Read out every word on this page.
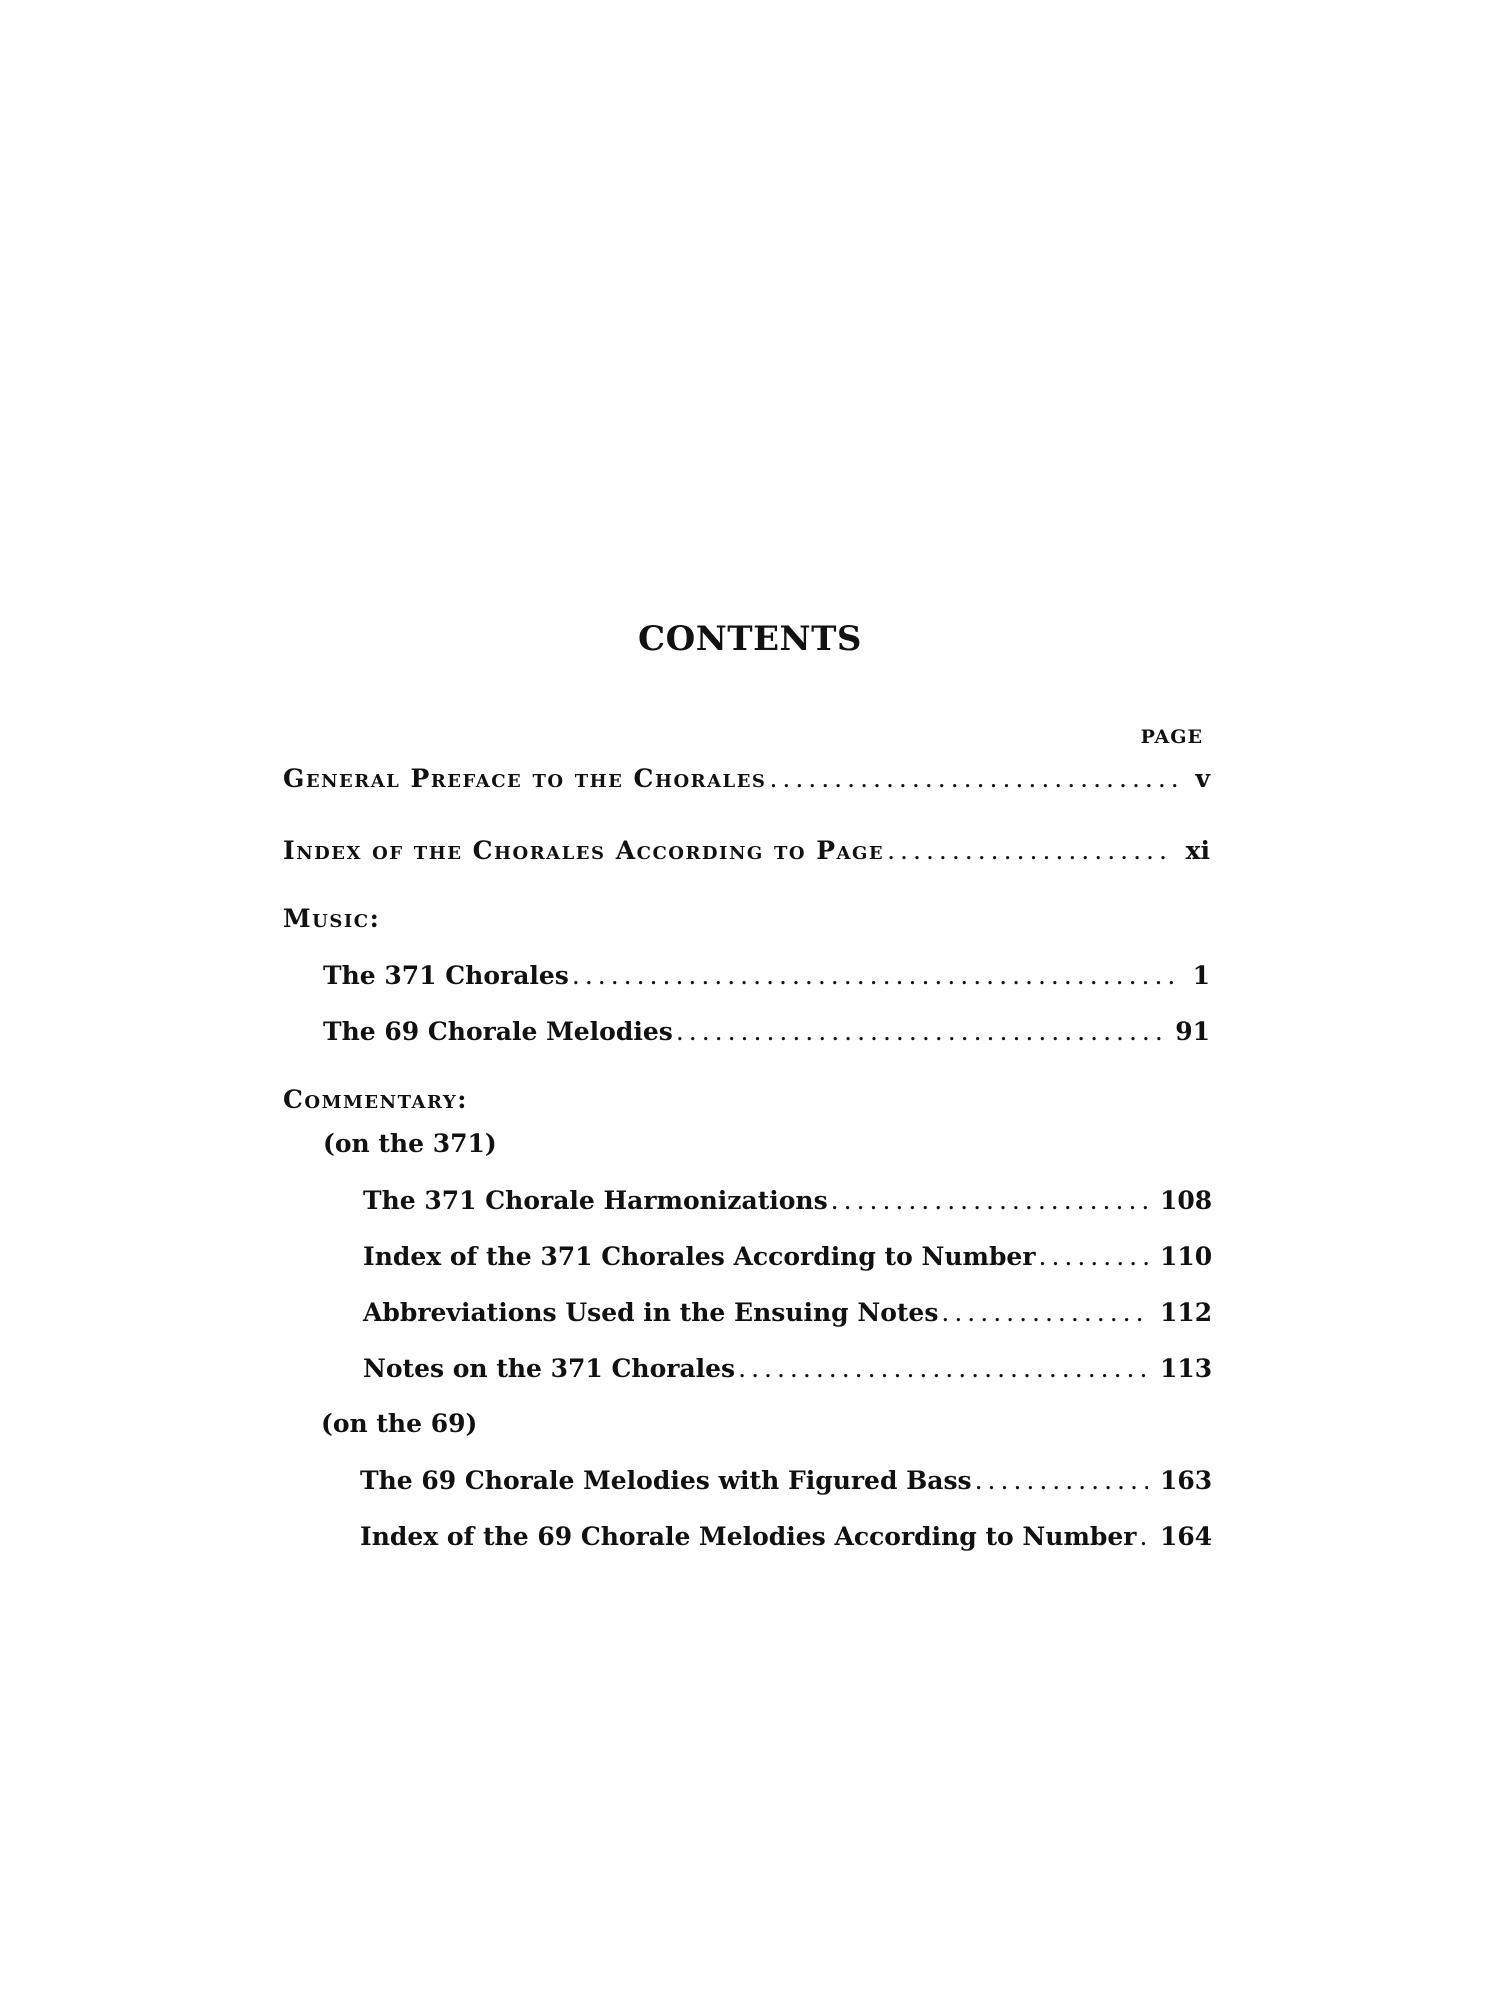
CONTENTS
PAGE
General Preface to the Chorales .....	v
Index of the Chorales According to Page .....	xi
Music:
The 371 Chorales .....	1
The 69 Chorale Melodies .....	91
Commentary:
(on the 371)
The 371 Chorale Harmonizations .....	108
Index of the 371 Chorales According to Number .....	110
Abbreviations Used in the Ensuing Notes .....	112
Notes on the 371 Chorales .....	113
(on the 69)
The 69 Chorale Melodies with Figured Bass .....	163
Index of the 69 Chorale Melodies According to Number ..... 164
